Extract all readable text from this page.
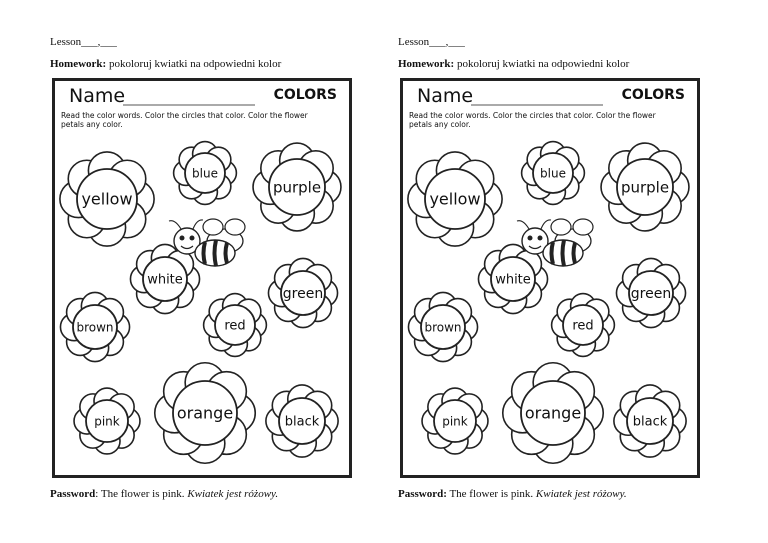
Lesson___,___
Homework: pokoloruj kwiatki na odpowiedni kolor
Name	COLORS
Read the color words. Color the circles that color. Color the flower petals any color.
yellow
blue
purple
white
green
brown	red
pink	orange	black
Password: The flower is pink. Kwiatek jest różowy.
Lesson___,___
Homework: pokoloruj kwiatki na odpowiedni kolor
Name	COLORS
Read the color words. Color the circles that color. Color the flower petals any color.
yellow
blue
purple
white
green
brown	red
pink	orange	black
Password: The flower is pink. Kwiatek jest różowy.
